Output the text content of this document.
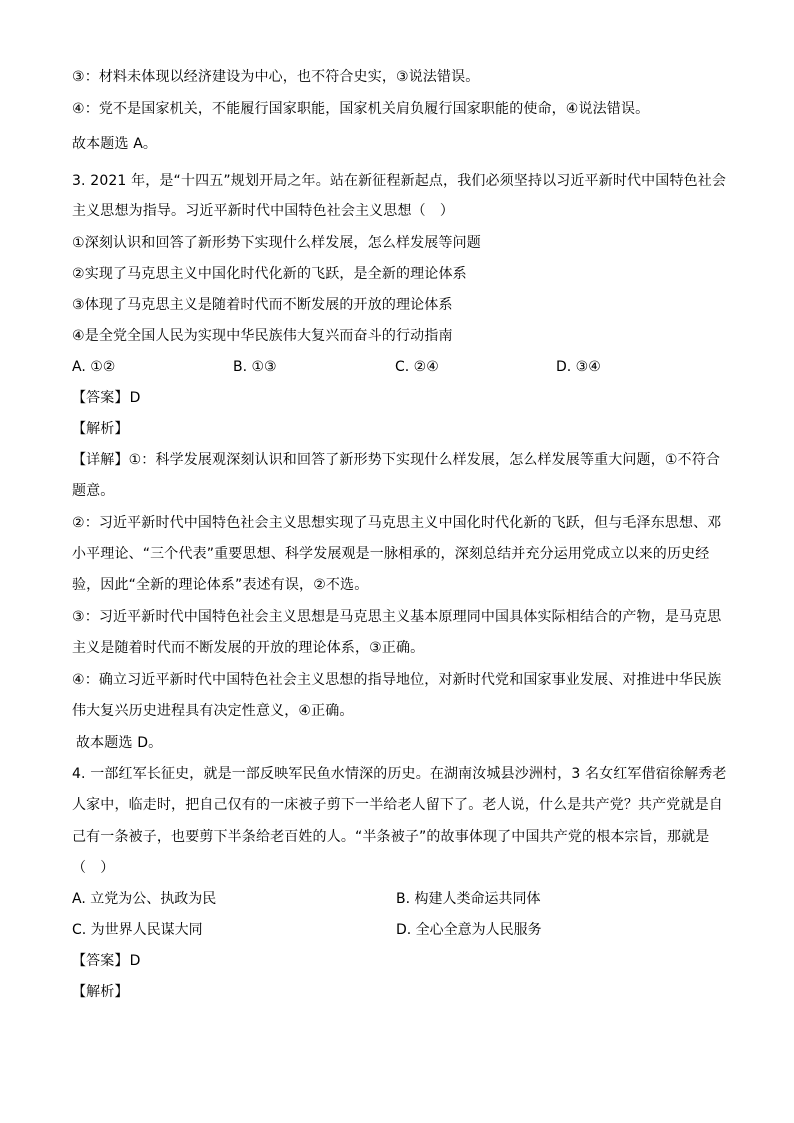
③：材料未体现以经济建设为中心，也不符合史实，③说法错误。
④：党不是国家机关，不能履行国家职能，国家机关肩负履行国家职能的使命，④说法错误。
故本题选 A。
3. 2021 年，是“十四五”规划开局之年。站在新征程新起点，我们必须坚持以习近平新时代中国特色社会
主义思想为指导。习近平新时代中国特色社会主义思想（　）
①深刻认识和回答了新形势下实现什么样发展，怎么样发展等问题
②实现了马克思主义中国化时代化新的飞跃，是全新的理论体系
③体现了马克思主义是随着时代而不断发展的开放的理论体系
④是全党全国人民为实现中华民族伟大复兴而奋斗的行动指南
A. ①②	B. ①③	C. ②④	D. ③④
【答案】D
【解析】
【详解】①：科学发展观深刻认识和回答了新形势下实现什么样发展，怎么样发展等重大问题，①不符合
题意。
②：习近平新时代中国特色社会主义思想实现了马克思主义中国化时代化新的飞跃，但与毛泽东思想、邓
小平理论、“三个代表”重要思想、科学发展观是一脉相承的，深刻总结并充分运用党成立以来的历史经
验，因此“全新的理论体系”表述有误，②不选。
③：习近平新时代中国特色社会主义思想是马克思主义基本原理同中国具体实际相结合的产物，是马克思
主义是随着时代而不断发展的开放的理论体系，③正确。
④：确立习近平新时代中国特色社会主义思想的指导地位，对新时代党和国家事业发展、对推进中华民族
伟大复兴历史进程具有决定性意义，④正确。
故本题选 D。
4. 一部红军长征史，就是一部反映军民鱼水情深的历史。在湖南汝城县沙洲村，3 名女红军借宿徐解秀老
人家中，临走时，把自己仅有的一床被子剪下一半给老人留下了。老人说，什么是共产党？共产党就是自
己有一条被子，也要剪下半条给老百姓的人。“半条被子”的故事体现了中国共产党的根本宗旨，那就是
（　）
A. 立党为公、执政为民	B. 构建人类命运共同体
C. 为世界人民谋大同	D. 全心全意为人民服务
【答案】D
【解析】
